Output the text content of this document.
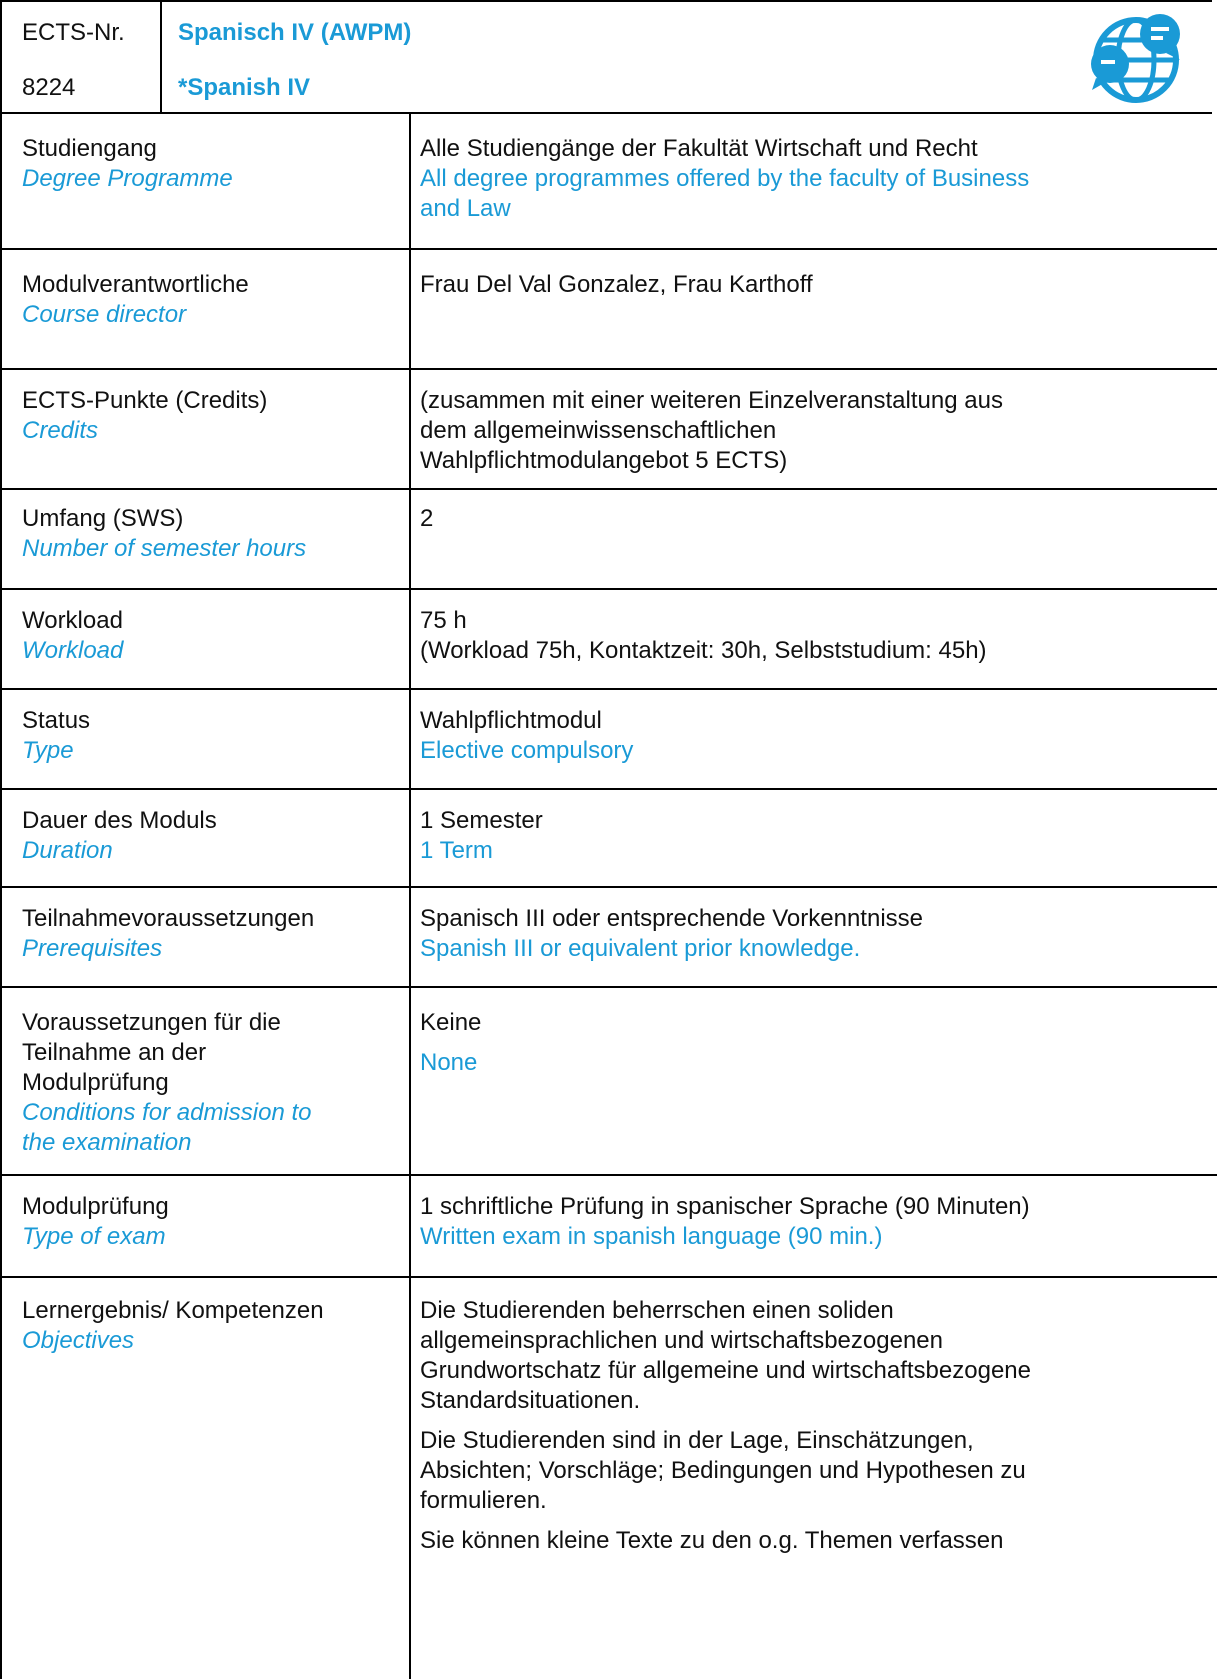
ECTS-Nr.
8224
Spanisch IV (AWPM)
*Spanish IV
Studiengang
Degree Programme
Alle Studiengänge der Fakultät Wirtschaft und Recht
All degree programmes offered by the faculty of Business
and Law
Modulverantwortliche
Course director
Frau Del Val Gonzalez, Frau Karthoff
ECTS-Punkte (Credits)
Credits
(zusammen mit einer weiteren Einzelveranstaltung aus
dem allgemeinwissenschaftlichen
Wahlpflichtmodulangebot 5 ECTS)
Umfang (SWS)
Number of semester hours
2
Workload
Workload
75 h
(Workload 75h, Kontaktzeit: 30h, Selbststudium: 45h)
Status
Type
Wahlpflichtmodul
Elective compulsory
Dauer des Moduls
Duration
1 Semester
1 Term
Teilnahmevoraussetzungen
Prerequisites
Spanisch III oder entsprechende Vorkenntnisse
Spanish III or equivalent prior knowledge.
Voraussetzungen für die
Teilnahme an der
Modulprüfung
Conditions for admission to
the examination
Keine
None
Modulprüfung
Type of exam
1 schriftliche Prüfung in spanischer Sprache (90 Minuten)
Written exam in spanish language (90 min.)
Lernergebnis/ Kompetenzen
Objectives
Die Studierenden beherrschen einen soliden
allgemeinsprachlichen und wirtschaftsbezogenen
Grundwortschatz für allgemeine und wirtschaftsbezogene
Standardsituationen.
Die Studierenden sind in der Lage, Einschätzungen,
Absichten; Vorschläge; Bedingungen und Hypothesen zu
formulieren.
Sie können kleine Texte zu den o.g. Themen verfassen
